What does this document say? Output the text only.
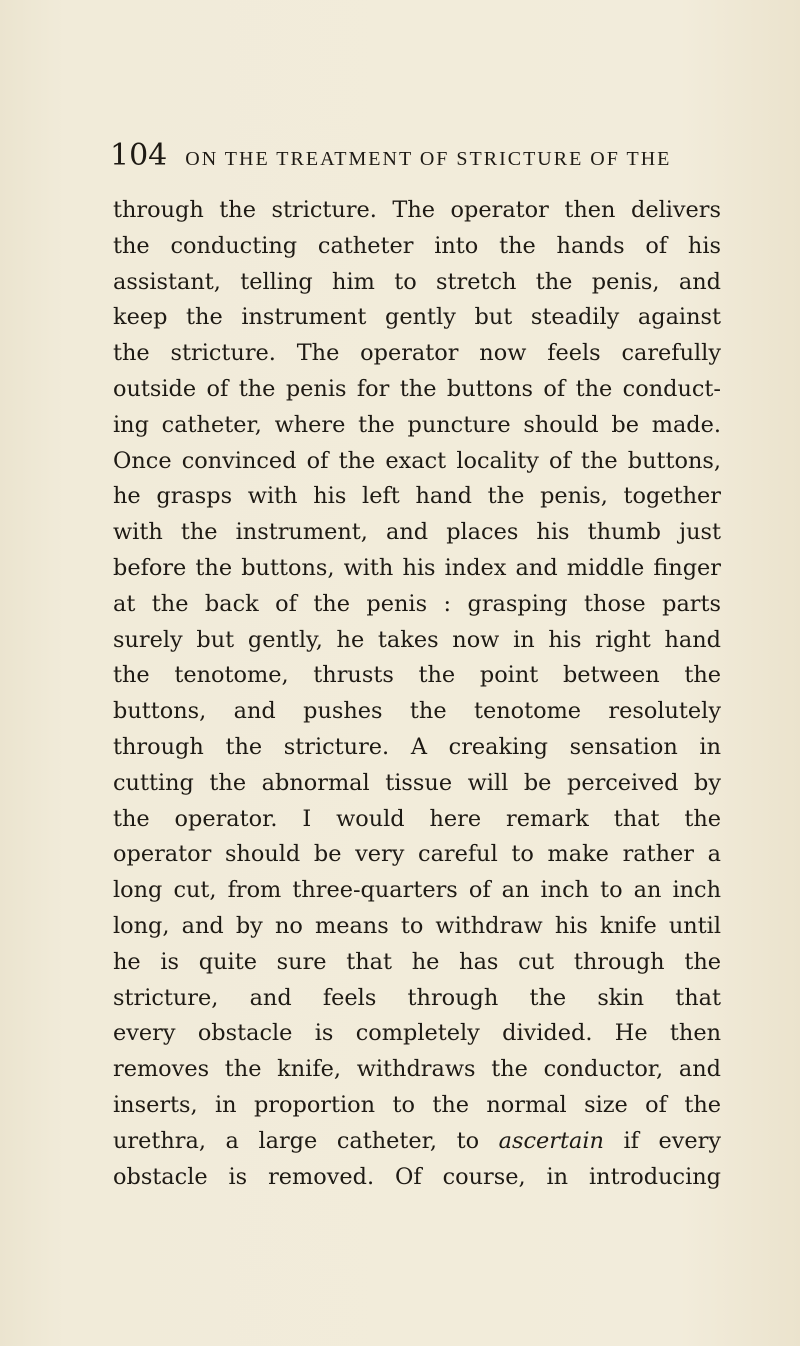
104 ON THE TREATMENT OF STRICTURE OF THE
through the stricture. The operator then delivers
the conducting catheter into the hands of his
assistant, telling him to stretch the penis, and
keep the instrument gently but steadily against
the stricture. The operator now feels carefully
outside of the penis for the buttons of the conduct-
ing catheter, where the puncture should be made.
Once convinced of the exact locality of the buttons,
he grasps with his left hand the penis, together
with the instrument, and places his thumb just
before the buttons, with his index and middle finger
at the back of the penis : grasping those parts
surely but gently, he takes now in his right hand
the tenotome, thrusts the point between the
buttons, and pushes the tenotome resolutely
through the stricture. A creaking sensation in
cutting the abnormal tissue will be perceived by
the operator. I would here remark that the
operator should be very careful to make rather a
long cut, from three-quarters of an inch to an inch
long, and by no means to withdraw his knife until
he is quite sure that he has cut through the
stricture, and feels through the skin that
every obstacle is completely divided. He then
removes the knife, withdraws the conductor, and
inserts, in proportion to the normal size of the
urethra, a large catheter, to ascertain if every
obstacle is removed. Of course, in introducing
